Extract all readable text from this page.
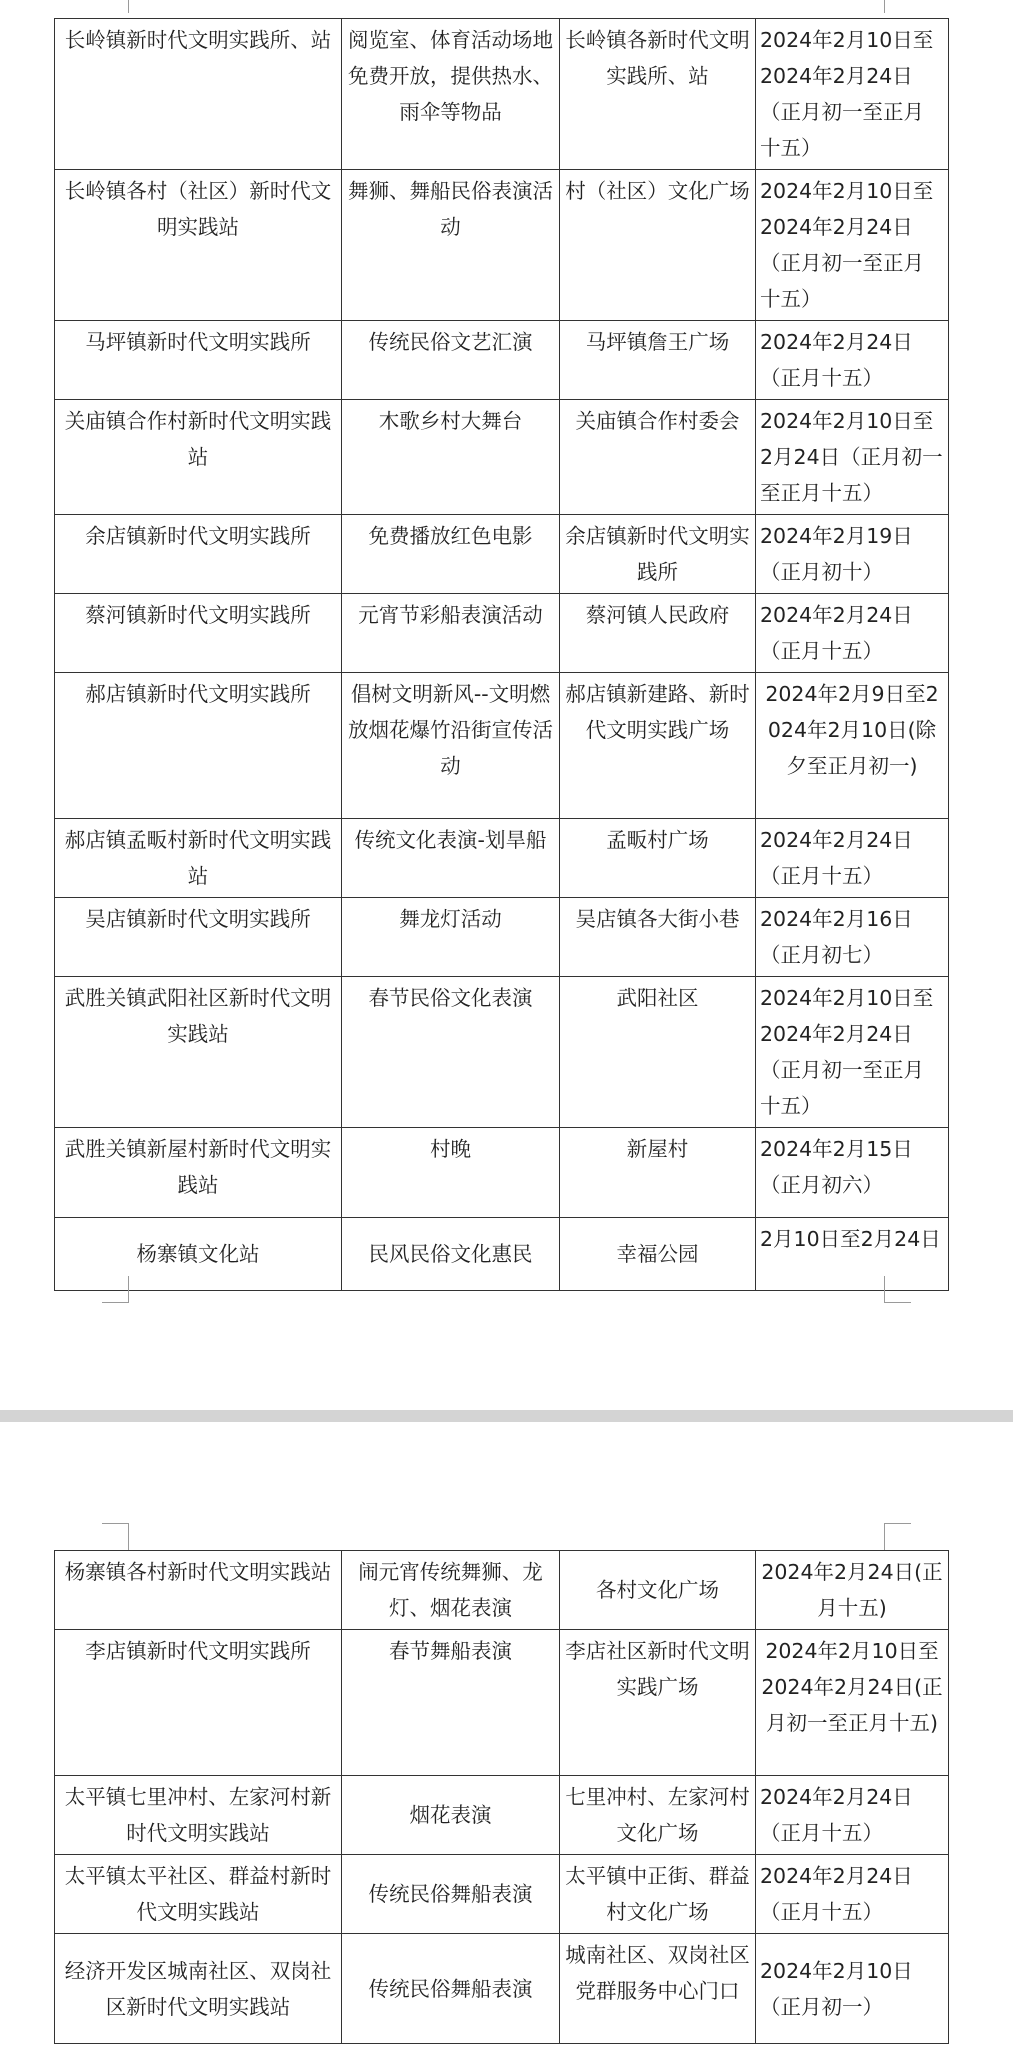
长岭镇新时代文明实践所、站	阅览室、体育活动场地免费开放，提供热水、雨伞等物品	长岭镇各新时代文明实践所、站	2024年2月10日至2024年2月24日（正月初一至正月十五）
长岭镇各村（社区）新时代文明实践站	舞狮、舞船民俗表演活动	村（社区）文化广场	2024年2月10日至2024年2月24日（正月初一至正月十五）
马坪镇新时代文明实践所	传统民俗文艺汇演	马坪镇詹王广场	2024年2月24日（正月十五）
关庙镇合作村新时代文明实践站	木歌乡村大舞台	关庙镇合作村委会	2024年2月10日至2月24日（正月初一至正月十五）
余店镇新时代文明实践所	免费播放红色电影	余店镇新时代文明实践所	2024年2月19日（正月初十）
蔡河镇新时代文明实践所	元宵节彩船表演活动	蔡河镇人民政府	2024年2月24日（正月十五）
郝店镇新时代文明实践所	倡树文明新风--文明燃放烟花爆竹沿街宣传活动	郝店镇新建路、新时代文明实践广场	2024年2月9日至2024年2月10日(除夕至正月初一)
郝店镇孟畈村新时代文明实践站	传统文化表演-划旱船	孟畈村广场	2024年2月24日（正月十五）
吴店镇新时代文明实践所	舞龙灯活动	吴店镇各大街小巷	2024年2月16日（正月初七）
武胜关镇武阳社区新时代文明实践站	春节民俗文化表演	武阳社区	2024年2月10日至2024年2月24日（正月初一至正月十五）
武胜关镇新屋村新时代文明实践站	村晚	新屋村	2024年2月15日（正月初六）
杨寨镇文化站	民风民俗文化惠民	幸福公园	2月10日至2月24日
杨寨镇各村新时代文明实践站	闹元宵传统舞狮、龙灯、烟花表演	各村文化广场	2024年2月24日(正月十五)
李店镇新时代文明实践所	春节舞船表演	李店社区新时代文明实践广场	2024年2月10日至2024年2月24日(正月初一至正月十五)
太平镇七里冲村、左家河村新时代文明实践站	烟花表演	七里冲村、左家河村文化广场	2024年2月24日（正月十五）
太平镇太平社区、群益村新时代文明实践站	传统民俗舞船表演	太平镇中正街、群益村文化广场	2024年2月24日（正月十五）
经济开发区城南社区、双岗社区新时代文明实践站	传统民俗舞船表演	城南社区、双岗社区党群服务中心门口	2024年2月10日（正月初一）
